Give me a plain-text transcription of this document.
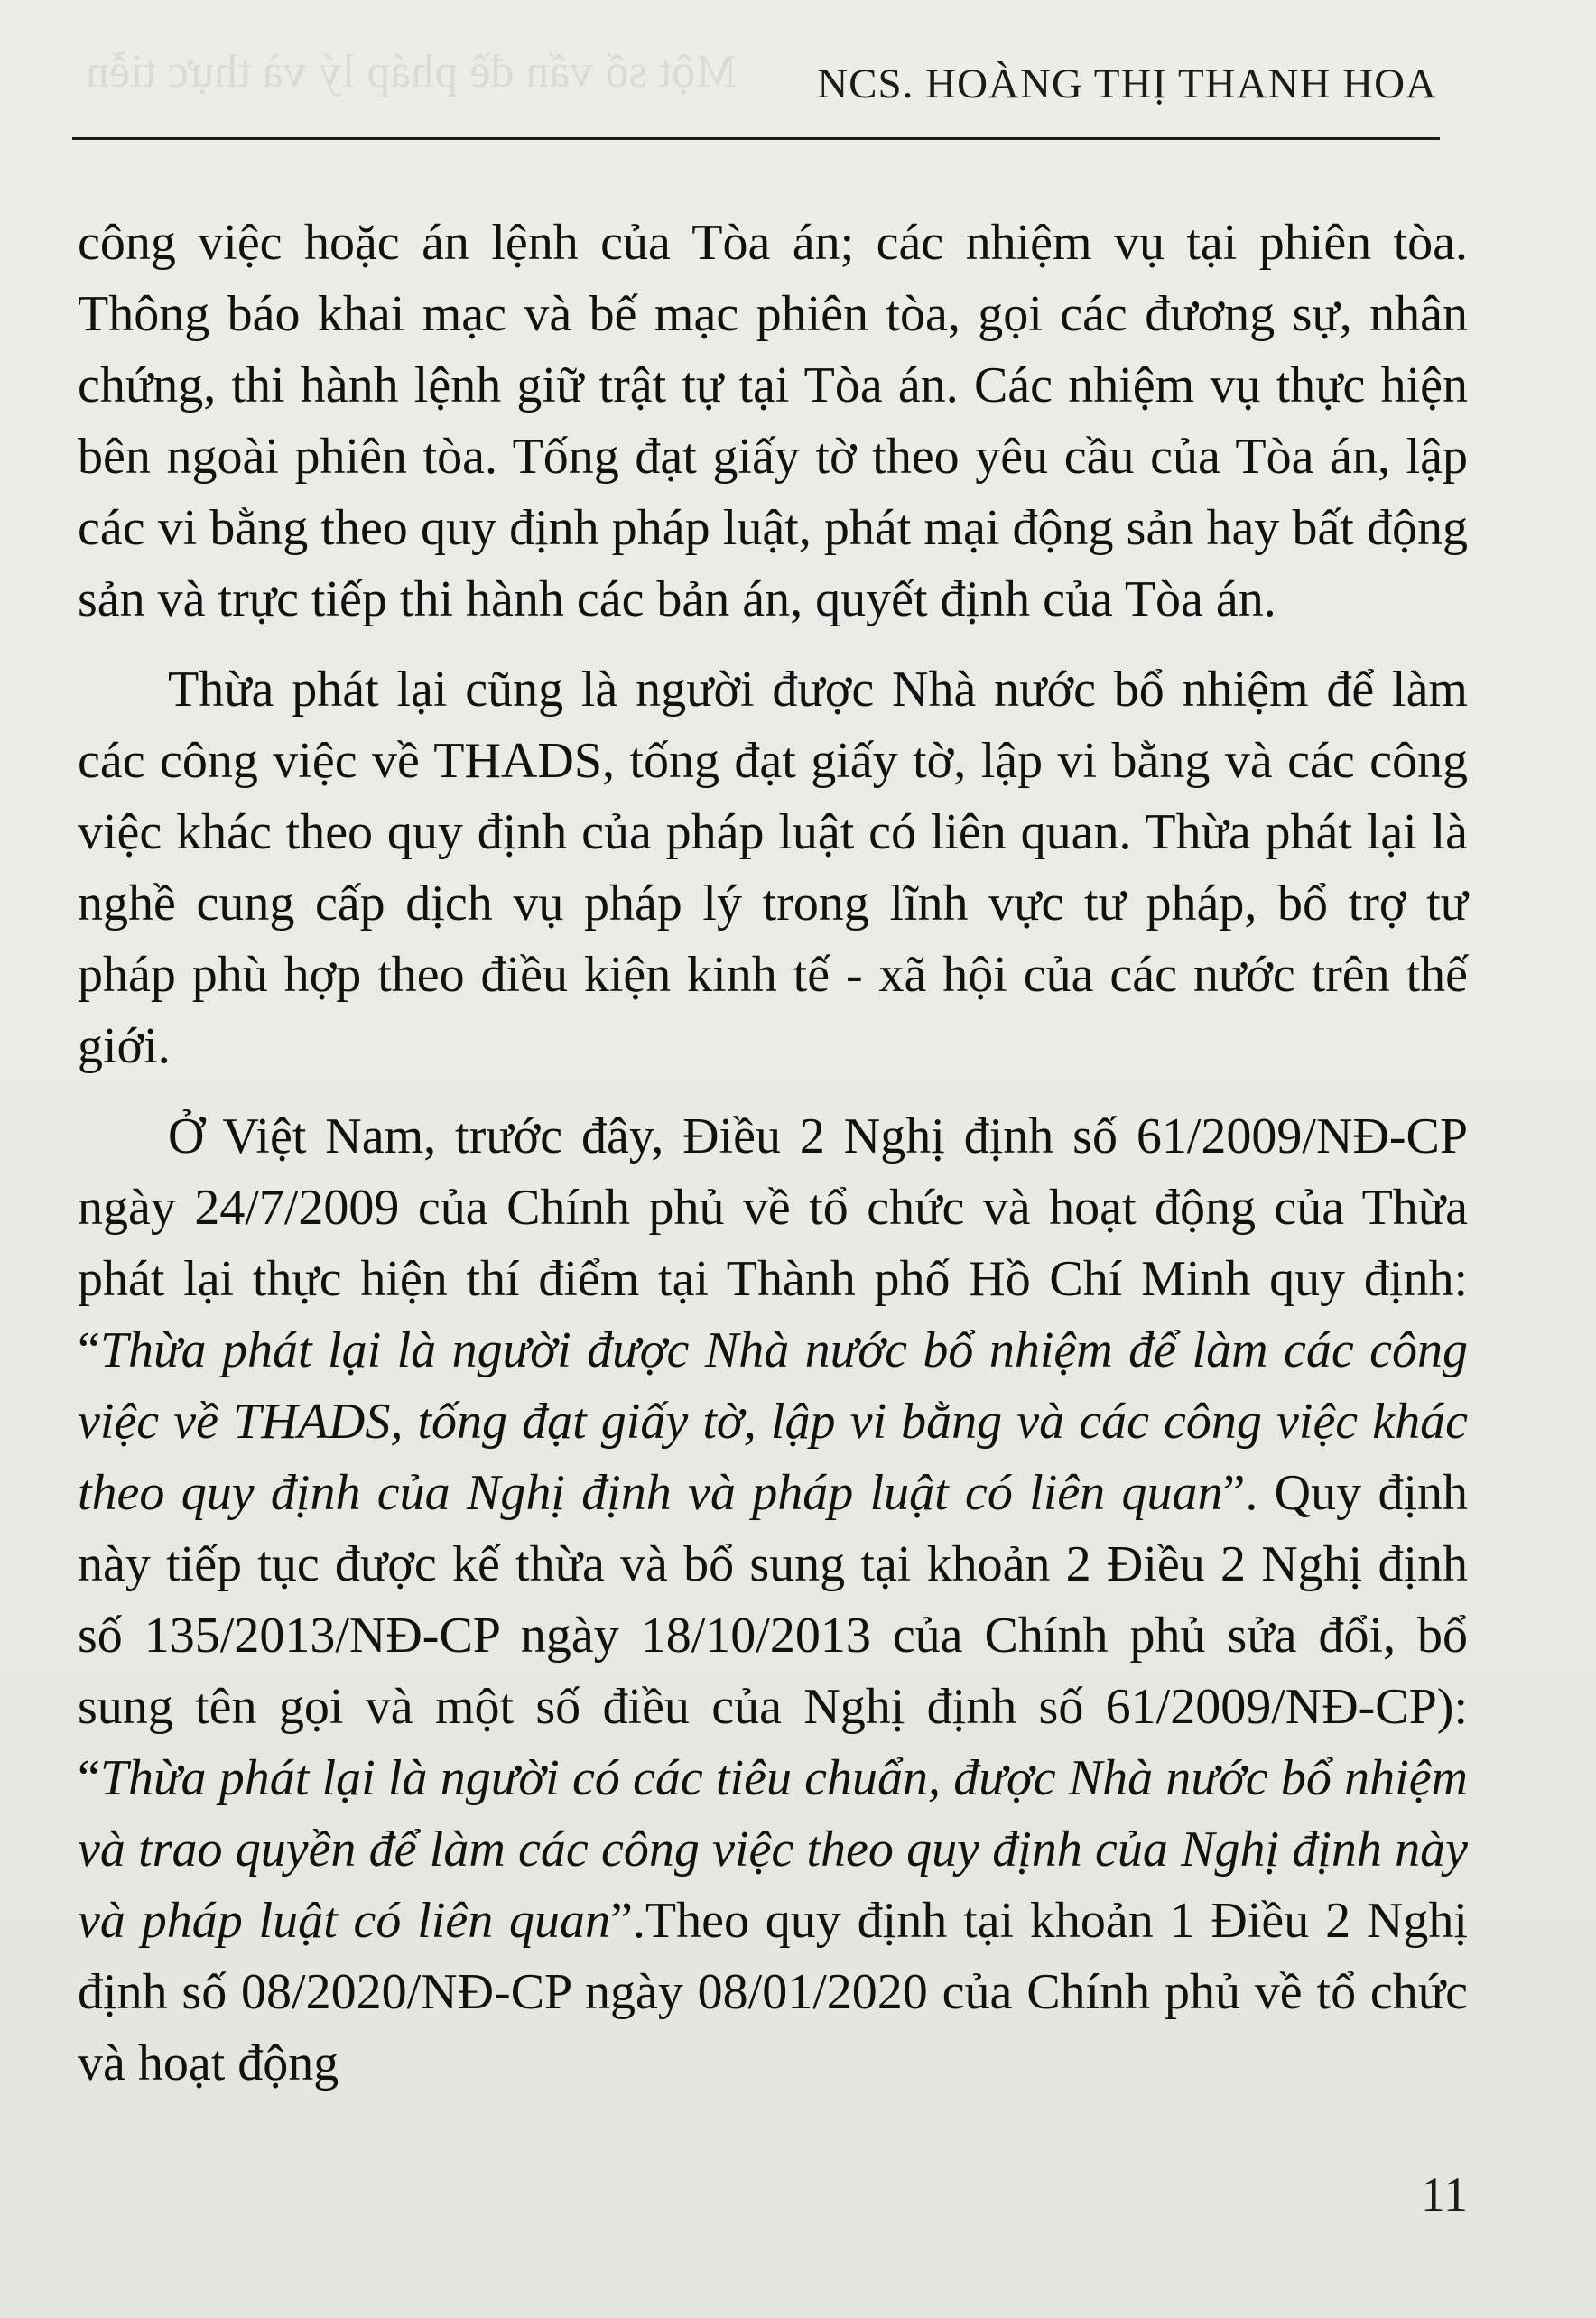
Một số vấn đề pháp lý và thực tiễn NCS. HOÀNG THỊ THANH HOA

công việc hoặc án lệnh của Tòa án; các nhiệm vụ tại phiên tòa. Thông báo khai mạc và bế mạc phiên tòa, gọi các đương sự, nhân chứng, thi hành lệnh giữ trật tự tại Tòa án. Các nhiệm vụ thực hiện bên ngoài phiên tòa. Tống đạt giấy tờ theo yêu cầu của Tòa án, lập các vi bằng theo quy định pháp luật, phát mại động sản hay bất động sản và trực tiếp thi hành các bản án, quyết định của Tòa án.

Thừa phát lại cũng là người được Nhà nước bổ nhiệm để làm các công việc về THADS, tống đạt giấy tờ, lập vi bằng và các công việc khác theo quy định của pháp luật có liên quan. Thừa phát lại là nghề cung cấp dịch vụ pháp lý trong lĩnh vực tư pháp, bổ trợ tư pháp phù hợp theo điều kiện kinh tế - xã hội của các nước trên thế giới.

Ở Việt Nam, trước đây, Điều 2 Nghị định số 61/2009/NĐ-CP ngày 24/7/2009 của Chính phủ về tổ chức và hoạt động của Thừa phát lại thực hiện thí điểm tại Thành phố Hồ Chí Minh quy định: “Thừa phát lại là người được Nhà nước bổ nhiệm để làm các công việc về THADS, tống đạt giấy tờ, lập vi bằng và các công việc khác theo quy định của Nghị định và pháp luật có liên quan”. Quy định này tiếp tục được kế thừa và bổ sung tại khoản 2 Điều 2 Nghị định số 135/2013/NĐ-CP ngày 18/10/2013 của Chính phủ sửa đổi, bổ sung tên gọi và một số điều của Nghị định số 61/2009/NĐ-CP): “Thừa phát lại là người có các tiêu chuẩn, được Nhà nước bổ nhiệm và trao quyền để làm các công việc theo quy định của Nghị định này và pháp luật có liên quan”.Theo quy định tại khoản 1 Điều 2 Nghị định số 08/2020/NĐ-CP ngày 08/01/2020 của Chính phủ về tổ chức và hoạt động

11
